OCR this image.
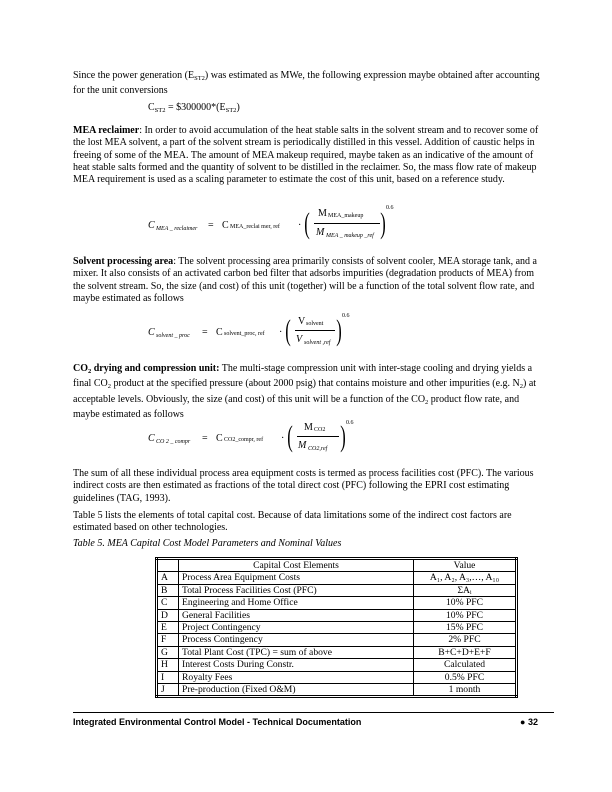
Since the power generation $(E_{ST2})$ was estimated as MWe, the following expression maybe obtained after accounting for the unit conversions

$C_{ST2}$ = $\$300000*(E_{ST2})$

MEA reclaimer: In order to avoid accumulation of the heat stable salts in the solvent stream and to recover some of the lost MEA solvent, a part of the solvent stream is periodically distilled in this vessel. Addition of caustic helps in freeing of some of the MEA. The amount of MEA makeup required, maybe taken as an indicative of the amount of heat stable salts formed and the quantity of solvent to be distilled in the reclaimer. So, the mass flow rate of makeup MEA requirement is used as a scaling parameter to estimate the cost of this unit, based on a reference study.

C MEA _ reclaimer = C MEA_reclai mer, ref · ( M MEA_makeup
M MEA _ makeup _ref ) 0.6

Solvent processing area: The solvent processing area primarily consists of solvent cooler, MEA storage tank, and a mixer. It also consists of an activated carbon bed filter that adsorbs impurities (degradation products of MEA) from the solvent stream. So, the size (and cost) of this unit (together) will be a function of the total solvent flow rate, and maybe estimated as follows

C solvent _ proc = C solvent_proc, ref · ( V solvent
V solvent ,ref ) 0.6

$CO_2$ drying and compression unit: The multi-stage compression unit with inter-stage cooling and drying yields a final $CO_2$ product at the specified pressure (about 2000 psig) that contains moisture and other impurities (e.g. $N_2$) at acceptable levels. Obviously, the size (and cost) of this unit will be a function of the $CO_2$ product flow rate, and maybe estimated as follows

C CO 2 _ compr = C CO2_compr, ref · ( M CO2
M CO2,ref ) 0.6

The sum of all these individual process area equipment costs is termed as process facilities cost (PFC). The various indirect costs are then estimated as fractions of the total direct cost (PFC) following the EPRI cost estimating guidelines (TAG, 1993).

Table 5 lists the elements of total capital cost. Because of data limitations some of the indirect cost factors are estimated based on other technologies.

Table 5. MEA Capital Cost Model Parameters and Nominal Values
	Capital Cost Elements	Value
A	Process Area Equipment Costs	A₁, A₂, A₃,…, A₁₀
B	Total Process Facilities Cost (PFC)	ΣAᵢ
C	Engineering and Home Office	10% PFC
D	General Facilities	10% PFC
E	Project Contingency	15% PFC
F	Process Contingency	2% PFC
G	Total Plant Cost (TPC) = sum of above	B+C+D+E+F
H	Interest Costs During Constr.	Calculated
I	Royalty Fees	0.5% PFC
J	Pre-production (Fixed O&M)	1 month
Integrated Environmental Control Model - Technical Documentation	● 32
